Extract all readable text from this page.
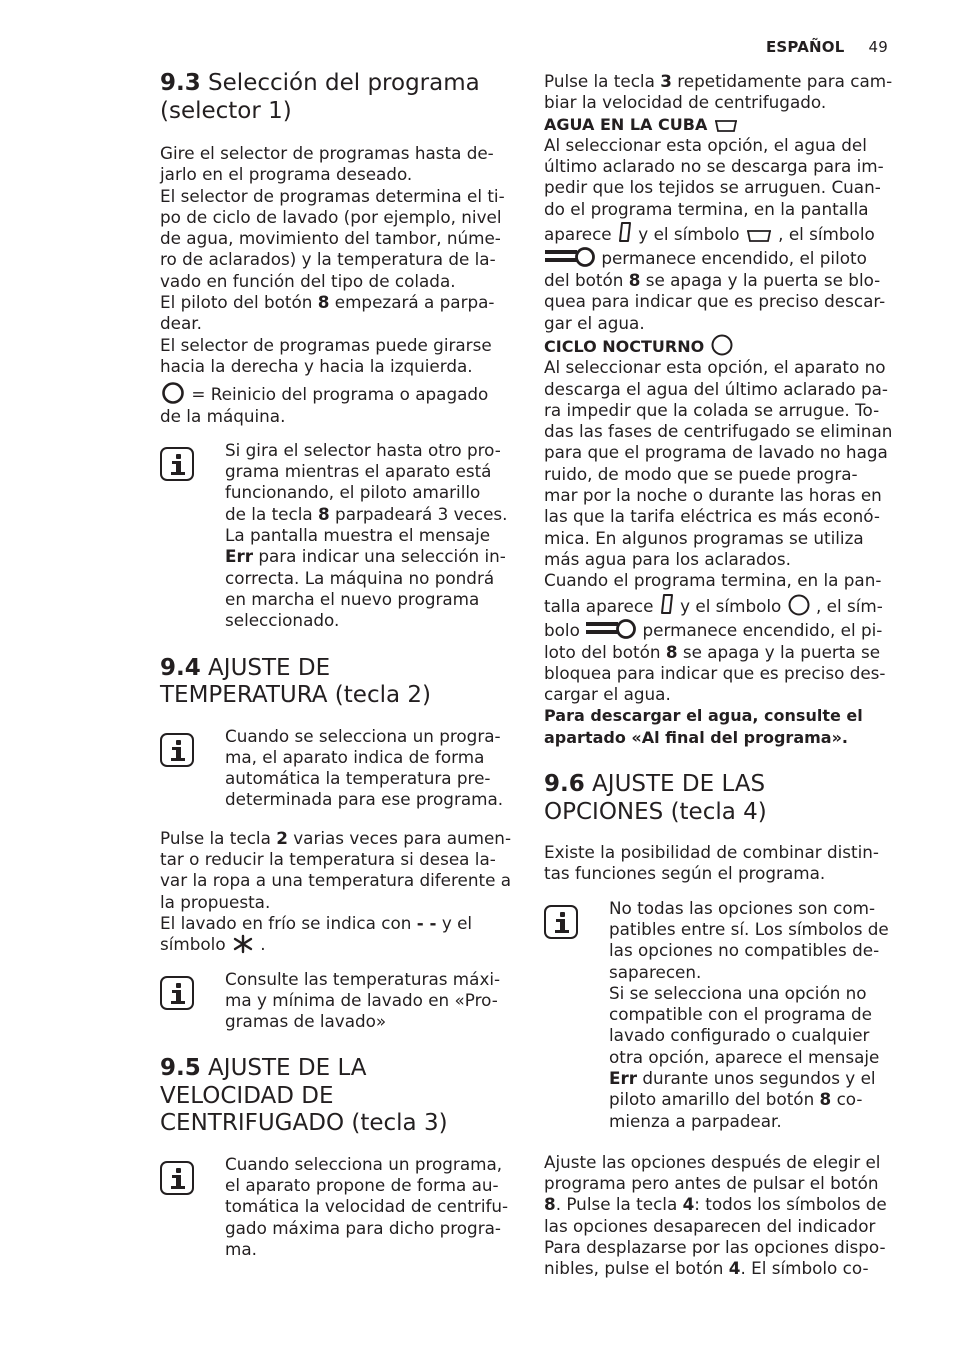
ESPAÑOL 49
9.3 Selección del programa
(selector 1)

Gire el selector de programas hasta de-
jarlo en el programa deseado.
El selector de programas determina el ti-
po de ciclo de lavado (por ejemplo, nivel
de agua, movimiento del tambor, núme-
ro de aclarados) y la temperatura de la-
vado en función del tipo de colada.
El piloto del botón 8 empezará a parpa-
dear.
El selector de programas puede girarse
hacia la derecha y hacia la izquierda.

= Reinicio del programa o apagado
de la máquina.

Si gira el selector hasta otro pro-
grama mientras el aparato está
funcionando, el piloto amarillo
de la tecla 8 parpadeará 3 veces.
La pantalla muestra el mensaje
Err para indicar una selección in-
correcta. La máquina no pondrá
en marcha el nuevo programa
seleccionado.

9.4 AJUSTE DE
TEMPERATURA (tecla 2)

Cuando se selecciona un progra-
ma, el aparato indica de forma
automática la temperatura pre-
determinada para ese programa.

Pulse la tecla 2 varias veces para aumen-
tar o reducir la temperatura si desea la-
var la ropa a una temperatura diferente a
la propuesta.
El lavado en frío se indica con - - y el
símbolo  .

Consulte las temperaturas máxi-
ma y mínima de lavado en «Pro-
gramas de lavado»

9.5 AJUSTE DE LA
VELOCIDAD DE
CENTRIFUGADO (tecla 3)

Cuando selecciona un programa,
el aparato propone de forma au-
tomática la velocidad de centrifu-
gado máxima para dicho progra-
ma.

Pulse la tecla 3 repetidamente para cam-
biar la velocidad de centrifugado.
AGUA EN LA CUBA
Al seleccionar esta opción, el agua del
último aclarado no se descarga para im-
pedir que los tejidos se arruguen. Cuan-
do el programa termina, en la pantalla

aparece  y el símbolo  , el símbolo
permanece encendido, el piloto

del botón 8 se apaga y la puerta se blo-
quea para indicar que es preciso descar-
gar el agua.
CICLO NOCTURNO
Al seleccionar esta opción, el aparato no
descarga el agua del último aclarado pa-
ra impedir que la colada se arrugue. To-
das las fases de centrifugado se eliminan
para que el programa de lavado no haga
ruido, de modo que se puede progra-
mar por la noche o durante las horas en
las que la tarifa eléctrica es más econó-
mica. En algunos programas se utiliza
más agua para los aclarados.
Cuando el programa termina, en la pan-

talla aparece  y el símbolo  , el sím-
bolo	permanece encendido, el pi-

loto del botón 8 se apaga y la puerta se
bloquea para indicar que es preciso des-
cargar el agua.
Para descargar el agua, consulte el
apartado «Al final del programa».

9.6 AJUSTE DE LAS
OPCIONES (tecla 4)

Existe la posibilidad de combinar distin-
tas funciones según el programa.

No todas las opciones son com-
patibles entre sí. Los símbolos de
las opciones no compatibles de-
saparecen.
Si se selecciona una opción no
compatible con el programa de
lavado configurado o cualquier
otra opción, aparece el mensaje
Err durante unos segundos y el
piloto amarillo del botón 8 co-
mienza a parpadear.

Ajuste las opciones después de elegir el
programa pero antes de pulsar el botón
8. Pulse la tecla 4: todos los símbolos de
las opciones desaparecen del indicador
Para desplazarse por las opciones dispo-
nibles, pulse el botón 4. El símbolo co-
